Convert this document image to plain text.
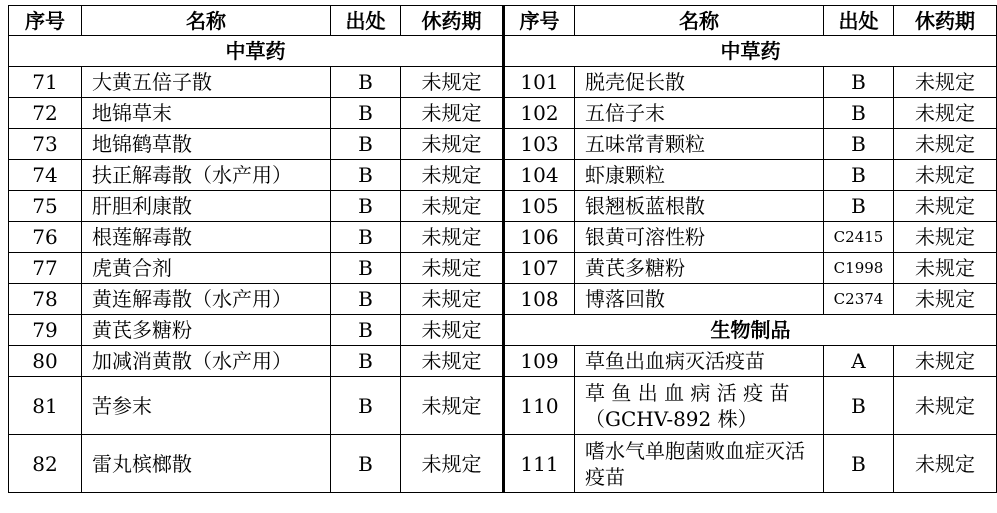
序号	名称	出处	休药期	序号	名称	出处	休药期
中草药				中草药			
71	大黄五倍子散	B	未规定	101	脱壳促长散	B	未规定
72	地锦草末	B	未规定	102	五倍子末	B	未规定
73	地锦鹤草散	B	未规定	103	五味常青颗粒	B	未规定
74	扶正解毒散（水产用）	B	未规定	104	虾康颗粒	B	未规定
75	肝胆利康散	B	未规定	105	银翘板蓝根散	B	未规定
76	根莲解毒散	B	未规定	106	银黄可溶性粉	C2415	未规定
77	虎黄合剂	B	未规定	107	黄芪多糖粉	C1998	未规定
78	黄连解毒散（水产用）	B	未规定	108	博落回散	C2374	未规定
79	黄芪多糖粉	B	未规定	生物制品			
80	加减消黄散（水产用）	B	未规定	109	草鱼出血病灭活疫苗	A	未规定
81	苦参末	B	未规定	110	草 鱼 出 血 病 活 疫 苗（GCHV-892 株）	B	未规定
82	雷丸槟榔散	B	未规定	111	嗜水气单胞菌败血症灭活疫苗	B	未规定
